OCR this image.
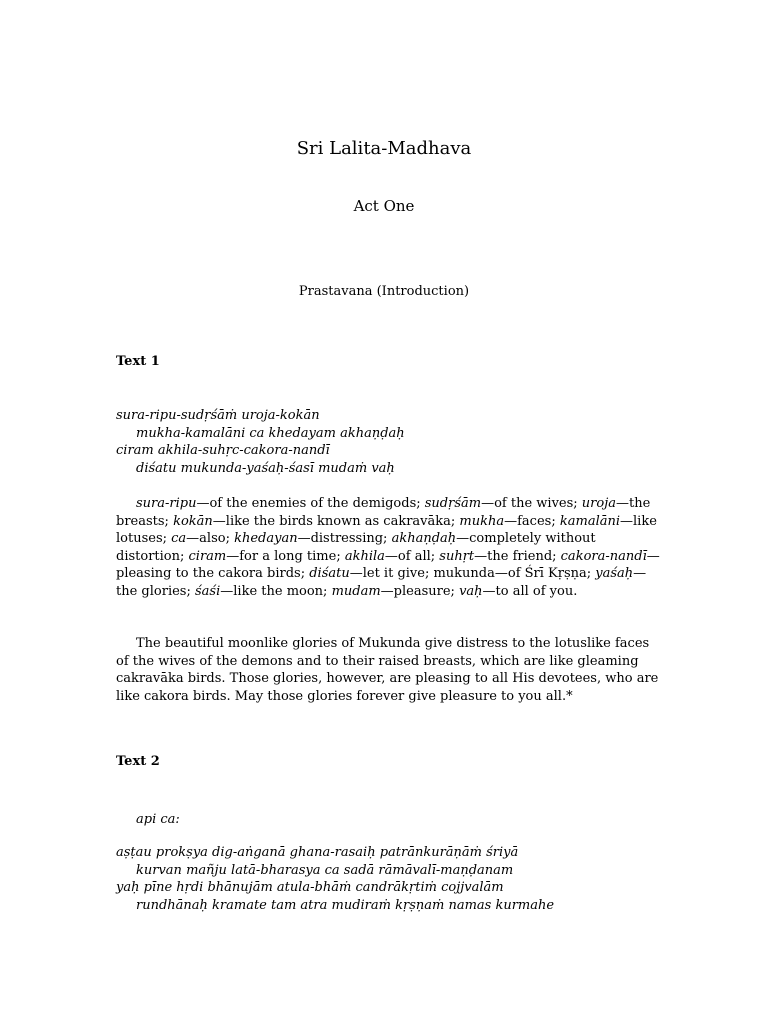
Sri Lalita-Madhava
Act One
Prastavana (Introduction)
Text 1
sura-ripu-sudṛśāṁ uroja-kokān
mukha-kamalāni ca khedayam akhaṇḍaḥ
ciram akhila-suhṛc-cakora-nandī
diśatu mukunda-yaśaḥ-śasī mudaṁ vaḥ
sura-ripu—of the enemies of the demigods; sudṛśām—of the wives; uroja—the
breasts; kokān—like the birds known as cakravāka; mukha—faces; kamalāni—like
lotuses; ca—also; khedayan—distressing; akhaṇḍaḥ—completely without
distortion; ciram—for a long time; akhila—of all; suhṛt—the friend; cakora-nandī—
pleasing to the cakora birds; diśatu—let it give; mukunda—of Śrī Kṛṣṇa; yaśaḥ—
the glories; śaśi—like the moon; mudam—pleasure; vaḥ—to all of you.
The beautiful moonlike glories of Mukunda give distress to the lotuslike faces
of the wives of the demons and to their raised breasts, which are like gleaming
cakravāka birds. Those glories, however, are pleasing to all His devotees, who are
like cakora birds. May those glories forever give pleasure to you all.*
Text 2
api ca:
aṣṭau prokṣya dig-aṅganā ghana-rasaiḥ patrānkurāṇāṁ śriyā
kurvan mañju latā-bharasya ca sadā rāmāvalī-maṇḍanam
yaḥ pīne hṛdi bhānujām atula-bhāṁ candrākṛtiṁ cojjvalām
rundhānaḥ kramate tam atra mudiraṁ kṛṣṇaṁ namas kurmahe
